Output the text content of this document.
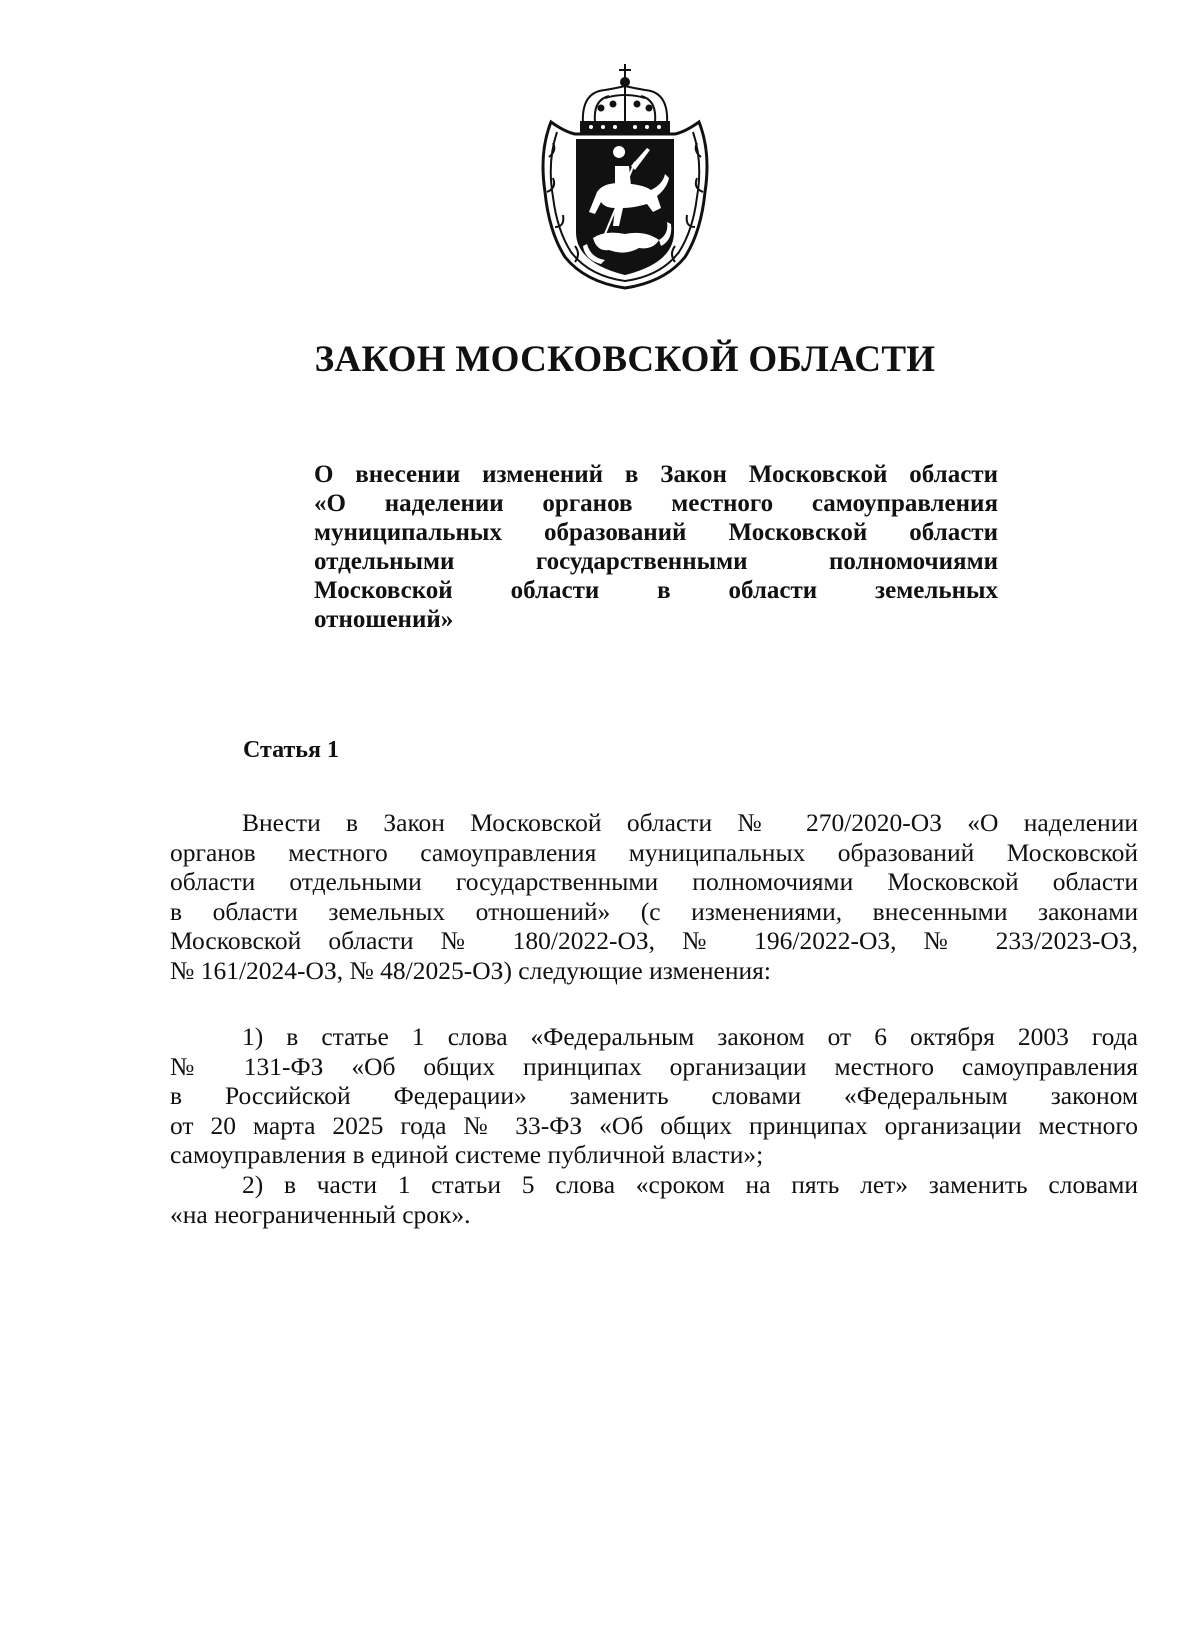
ЗАКОН МОСКОВСКОЙ ОБЛАСТИ
О внесении изменений в Закон Московской области
«О наделении органов местного самоуправления
муниципальных образований Московской области
отдельными государственными полномочиями
Московской области в области земельных
отношений»
Статья 1
Внести в Закон Московской области № 270/2020-ОЗ «О наделении
органов местного самоуправления муниципальных образований Московской
области отдельными государственными полномочиями Московской области
в области земельных отношений» (с изменениями, внесенными законами
Московской области № 180/2022-ОЗ, № 196/2022-ОЗ, № 233/2023-ОЗ,
№ 161/2024-ОЗ, № 48/2025-ОЗ) следующие изменения:
1) в статье 1 слова «Федеральным законом от 6 октября 2003 года
№ 131-ФЗ «Об общих принципах организации местного самоуправления
в Российской Федерации» заменить словами «Федеральным законом
от 20 марта 2025 года № 33-ФЗ «Об общих принципах организации местного
самоуправления в единой системе публичной власти»;
2) в части 1 статьи 5 слова «сроком на пять лет» заменить словами
«на неограниченный срок».
